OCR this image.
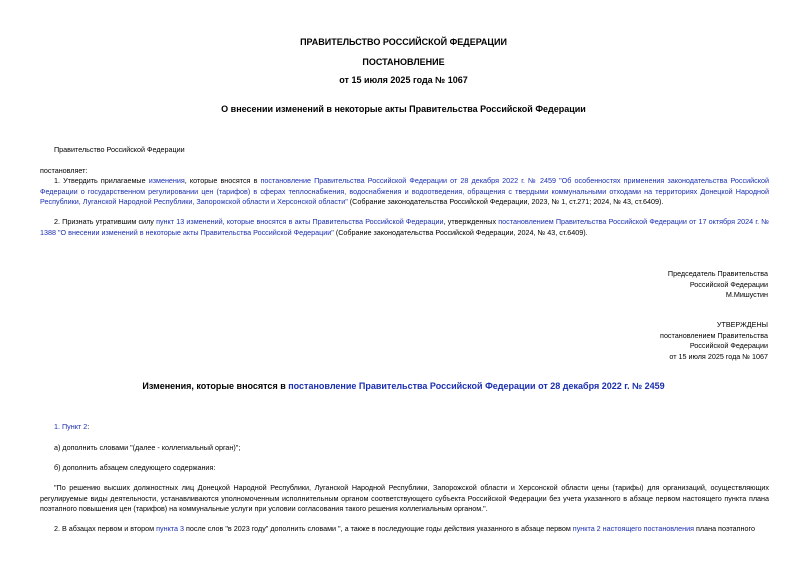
ПРАВИТЕЛЬСТВО РОССИЙСКОЙ ФЕДЕРАЦИИ
ПОСТАНОВЛЕНИЕ
от 15 июля 2025 года № 1067
О внесении изменений в некоторые акты Правительства Российской Федерации
Правительство Российской Федерации
постановляет:
1. Утвердить прилагаемые изменения, которые вносятся в постановление Правительства Российской Федерации от 28 декабря 2022 г. № 2459 "Об особенностях применения законодательства Российской Федерации о государственном регулировании цен (тарифов) в сферах теплоснабжения, водоснабжения и водоотведения, обращения с твердыми коммунальными отходами на территориях Донецкой Народной Республики, Луганской Народной Республики, Запорожской области и Херсонской области" (Собрание законодательства Российской Федерации, 2023, № 1, ст.271; 2024, № 43, ст.6409).
2. Признать утратившим силу пункт 13 изменений, которые вносятся в акты Правительства Российской Федерации, утвержденных постановлением Правительства Российской Федерации от 17 октября 2024 г. № 1388 "О внесении изменений в некоторые акты Правительства Российской Федерации" (Собрание законодательства Российской Федерации, 2024, № 43, ст.6409).
Председатель Правительства
Российской Федерации
М.Мишустин
УТВЕРЖДЕНЫ
постановлением Правительства
Российской Федерации
от 15 июля 2025 года № 1067
Изменения, которые вносятся в постановление Правительства Российской Федерации от 28 декабря 2022 г. № 2459
1. Пункт 2:
а) дополнить словами "(далее - коллегиальный орган)";
б) дополнить абзацем следующего содержания:
"По решению высших должностных лиц Донецкой Народной Республики, Луганской Народной Республики, Запорожской области и Херсонской области цены (тарифы) для организаций, осуществляющих регулируемые виды деятельности, устанавливаются уполномоченным исполнительным органом соответствующего субъекта Российской Федерации без учета указанного в абзаце первом настоящего пункта плана поэтапного повышения цен (тарифов) на коммунальные услуги при условии согласования такого решения коллегиальным органом.".
2. В абзацах первом и втором пункта 3 после слов "в 2023 году" дополнить словами ", а также в последующие годы действия указанного в абзаце первом пункта 2 настоящего постановления плана поэтапного
